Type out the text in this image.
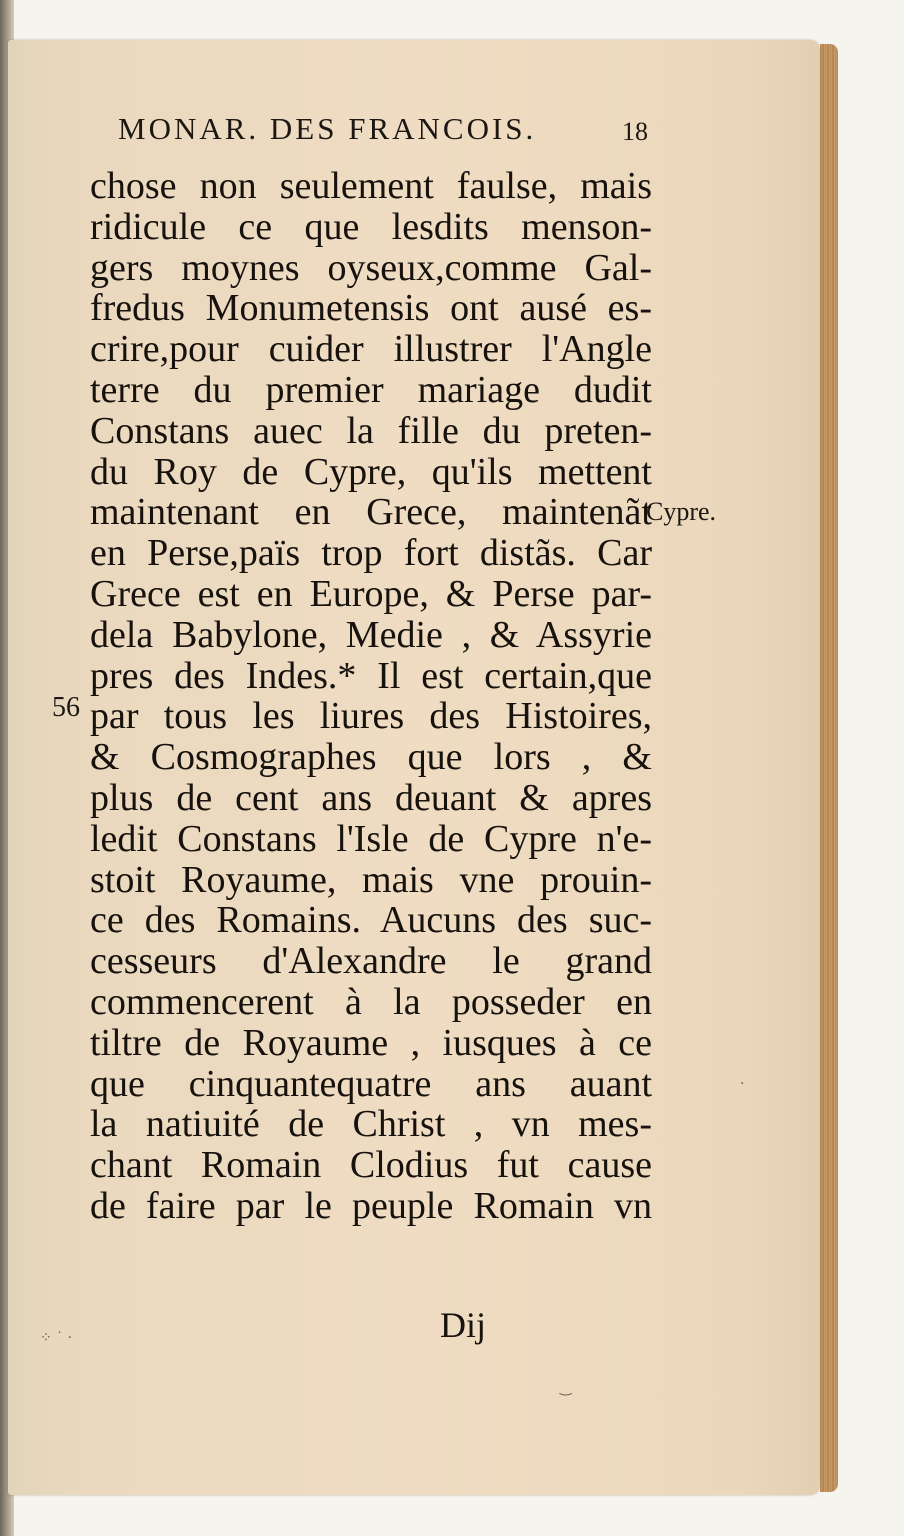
MONAR. DES FRANCOIS.	18
chose non seulement faulse, mais
ridicule ce que lesdits menson-
gers moynes oyseux,comme Gal-
fredus Monumetensis ont ausé es-
crire,pour cuider illustrer l'Angle
terre du premier mariage dudit
Constans auec la fille du preten-
du Roy de Cypre, qu'ils mettent
maintenant en Grece, maintenãt
en Perse,païs trop fort distãs. Car
Grece est en Europe, & Perse par-
dela Babylone, Medie , & Assyrie
pres des Indes.* Il est certain,que
par tous les liures des Histoires,
& Cosmographes que lors , &
plus de cent ans deuant & apres
ledit Constans l'Isle de Cypre n'e-
stoit Royaume, mais vne prouin-
ce des Romains. Aucuns des suc-
cesseurs d'Alexandre le grand
commencerent à la posseder en
tiltre de Royaume , iusques à ce
que cinquantequatre ans auant
la natiuité de Christ , vn mes-
chant Romain Clodius fut cause
de faire par le peuple Romain vn
Cypre.
56
Dij
⁘ ˙ ·
‿
·
